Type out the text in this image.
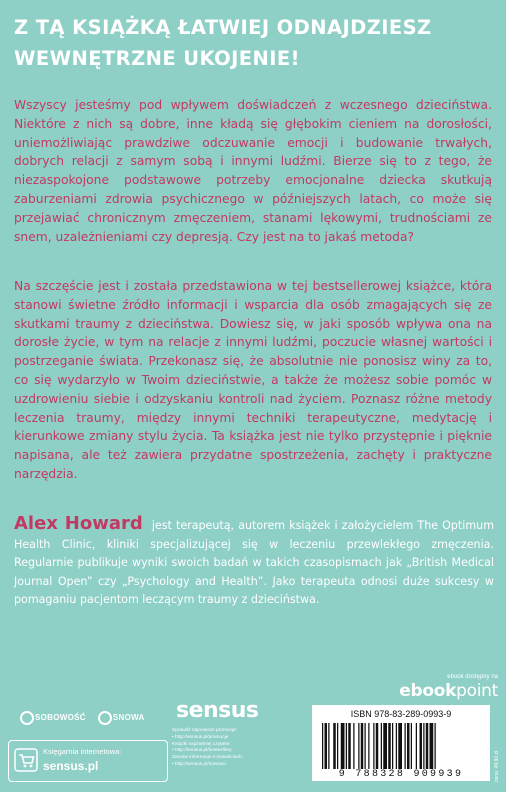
Z TĄ KSIĄŻKĄ ŁATWIEJ ODNAJDZIESZ
WEWNĘTRZNE UKOJENIE!
Wszyscy jesteśmy pod wpływem doświadczeń z wczesnego dzieciństwa. Niektóre z nich są dobre, inne kładą się głębokim cieniem na dorosłości, uniemożliwiając prawdziwe odczuwanie emocji i budowanie trwałych, dobrych relacji z samym sobą i innymi ludźmi. Bierze się to z tego, że niezaspokojone podstawowe potrzeby emocjonalne dziecka skutkują zaburzeniami zdrowia psychicznego w późniejszych latach, co może się przejawiać chronicznym zmęczeniem, stanami lękowymi, trudnościami ze snem, uzależnieniami czy depresją. Czy jest na to jakaś metoda?
Na szczęście jest i została przedstawiona w tej bestsellerowej książce, która stanowi świetne źródło informacji i wsparcia dla osób zmagających się ze skutkami traumy z dzieciństwa. Dowiesz się, w jaki sposób wpływa ona na dorosłe życie, w tym na relacje z innymi ludźmi, poczucie własnej wartości i postrzeganie świata. Przekonasz się, że absolutnie nie ponosisz winy za to, co się wydarzyło w Twoim dzieciństwie, a także że możesz sobie pomóc w uzdrowieniu siebie i odzyskaniu kontroli nad życiem. Poznasz różne metody leczenia traumy, między innymi techniki terapeutyczne, medytację i kierunkowe zmiany stylu życia. Ta książka jest nie tylko przystępnie i pięknie napisana, ale też zawiera przydatne spostrzeżenia, zachęty i praktyczne narzędzia.
Alex Howard jest terapeutą, autorem książek i założycielem The Optimum Health Clinic, kliniki specjalizującej się w leczeniu przewlekłego zmęczenia. Regularnie publikuje wyniki swoich badań w takich czasopismach jak „British Medical Journal Open” czy „Psychology and Health”. Jako terapeuta odnosi duże sukcesy w pomaganiu pacjentom leczącym traumy z dzieciństwa.
ebook dostępny na
ebookpoint
SOBOWOŚĆ	SNOWA sensus
Sprawdź najnowsze promocje:
• http://sensus.pl/promocje
Książki najchętniej czytane:
• http://sensus.pl/bestsellery
Zamów informacje o nowościach:
• http://sensus.pl/nowosci
Księgarnia internetowa:
sensus.pl
ISBN 978-83-289-0993-9
9 788328 909939	cena: 49,90 zł
